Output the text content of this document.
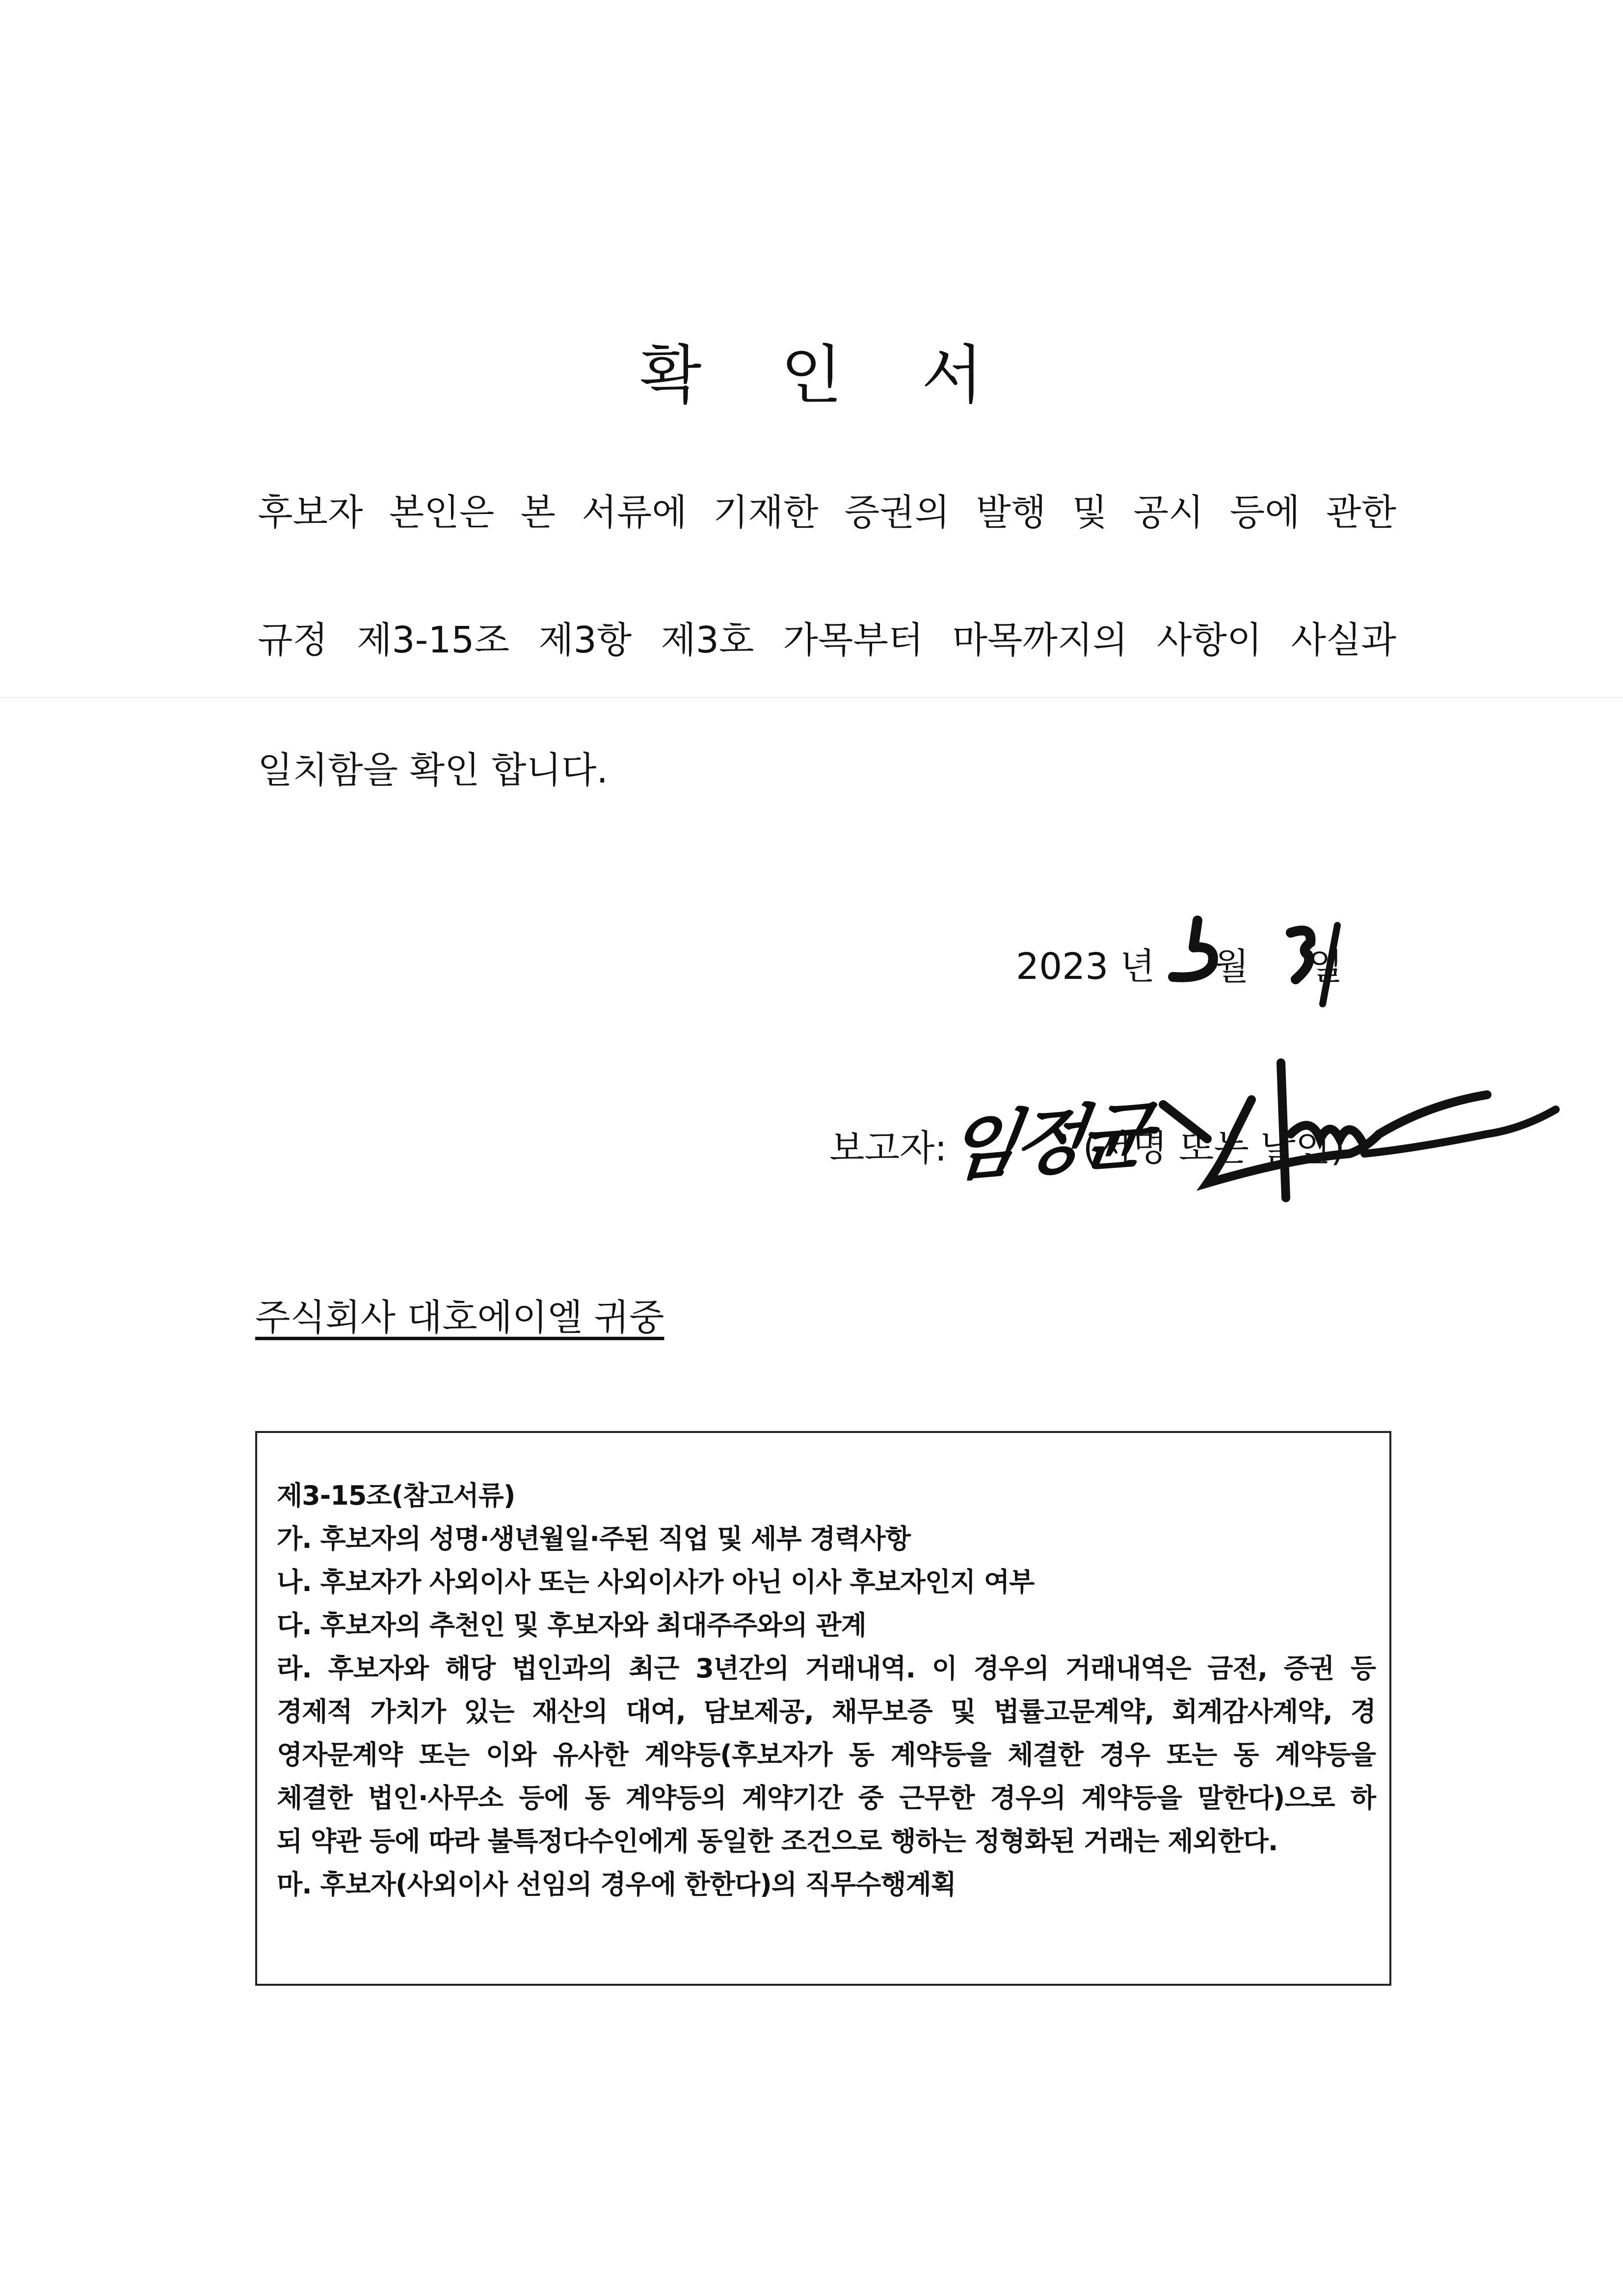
확 인 서
후보자 본인은 본 서류에 기재한 증권의 발행 및 공시 등에 관한
규정 제3-15조 제3항 제3호 가목부터 마목까지의 사항이 사실과
일치함을 확인 합니다.
2023 년 월 일
보고자:	(서명 또는 날인)
임정균
주식회사 대호에이엘 귀중
제3-15조(참고서류)
가. 후보자의 성명·생년월일·주된 직업 및 세부 경력사항
나. 후보자가 사외이사 또는 사외이사가 아닌 이사 후보자인지 여부
다. 후보자의 추천인 및 후보자와 최대주주와의 관계
라. 후보자와 해당 법인과의 최근 3년간의 거래내역. 이 경우의 거래내역은 금전, 증권 등
경제적 가치가 있는 재산의 대여, 담보제공, 채무보증 및 법률고문계약, 회계감사계약, 경
영자문계약 또는 이와 유사한 계약등(후보자가 동 계약등을 체결한 경우 또는 동 계약등을
체결한 법인·사무소 등에 동 계약등의 계약기간 중 근무한 경우의 계약등을 말한다)으로 하
되 약관 등에 따라 불특정다수인에게 동일한 조건으로 행하는 정형화된 거래는 제외한다.
마. 후보자(사외이사 선임의 경우에 한한다)의 직무수행계획
